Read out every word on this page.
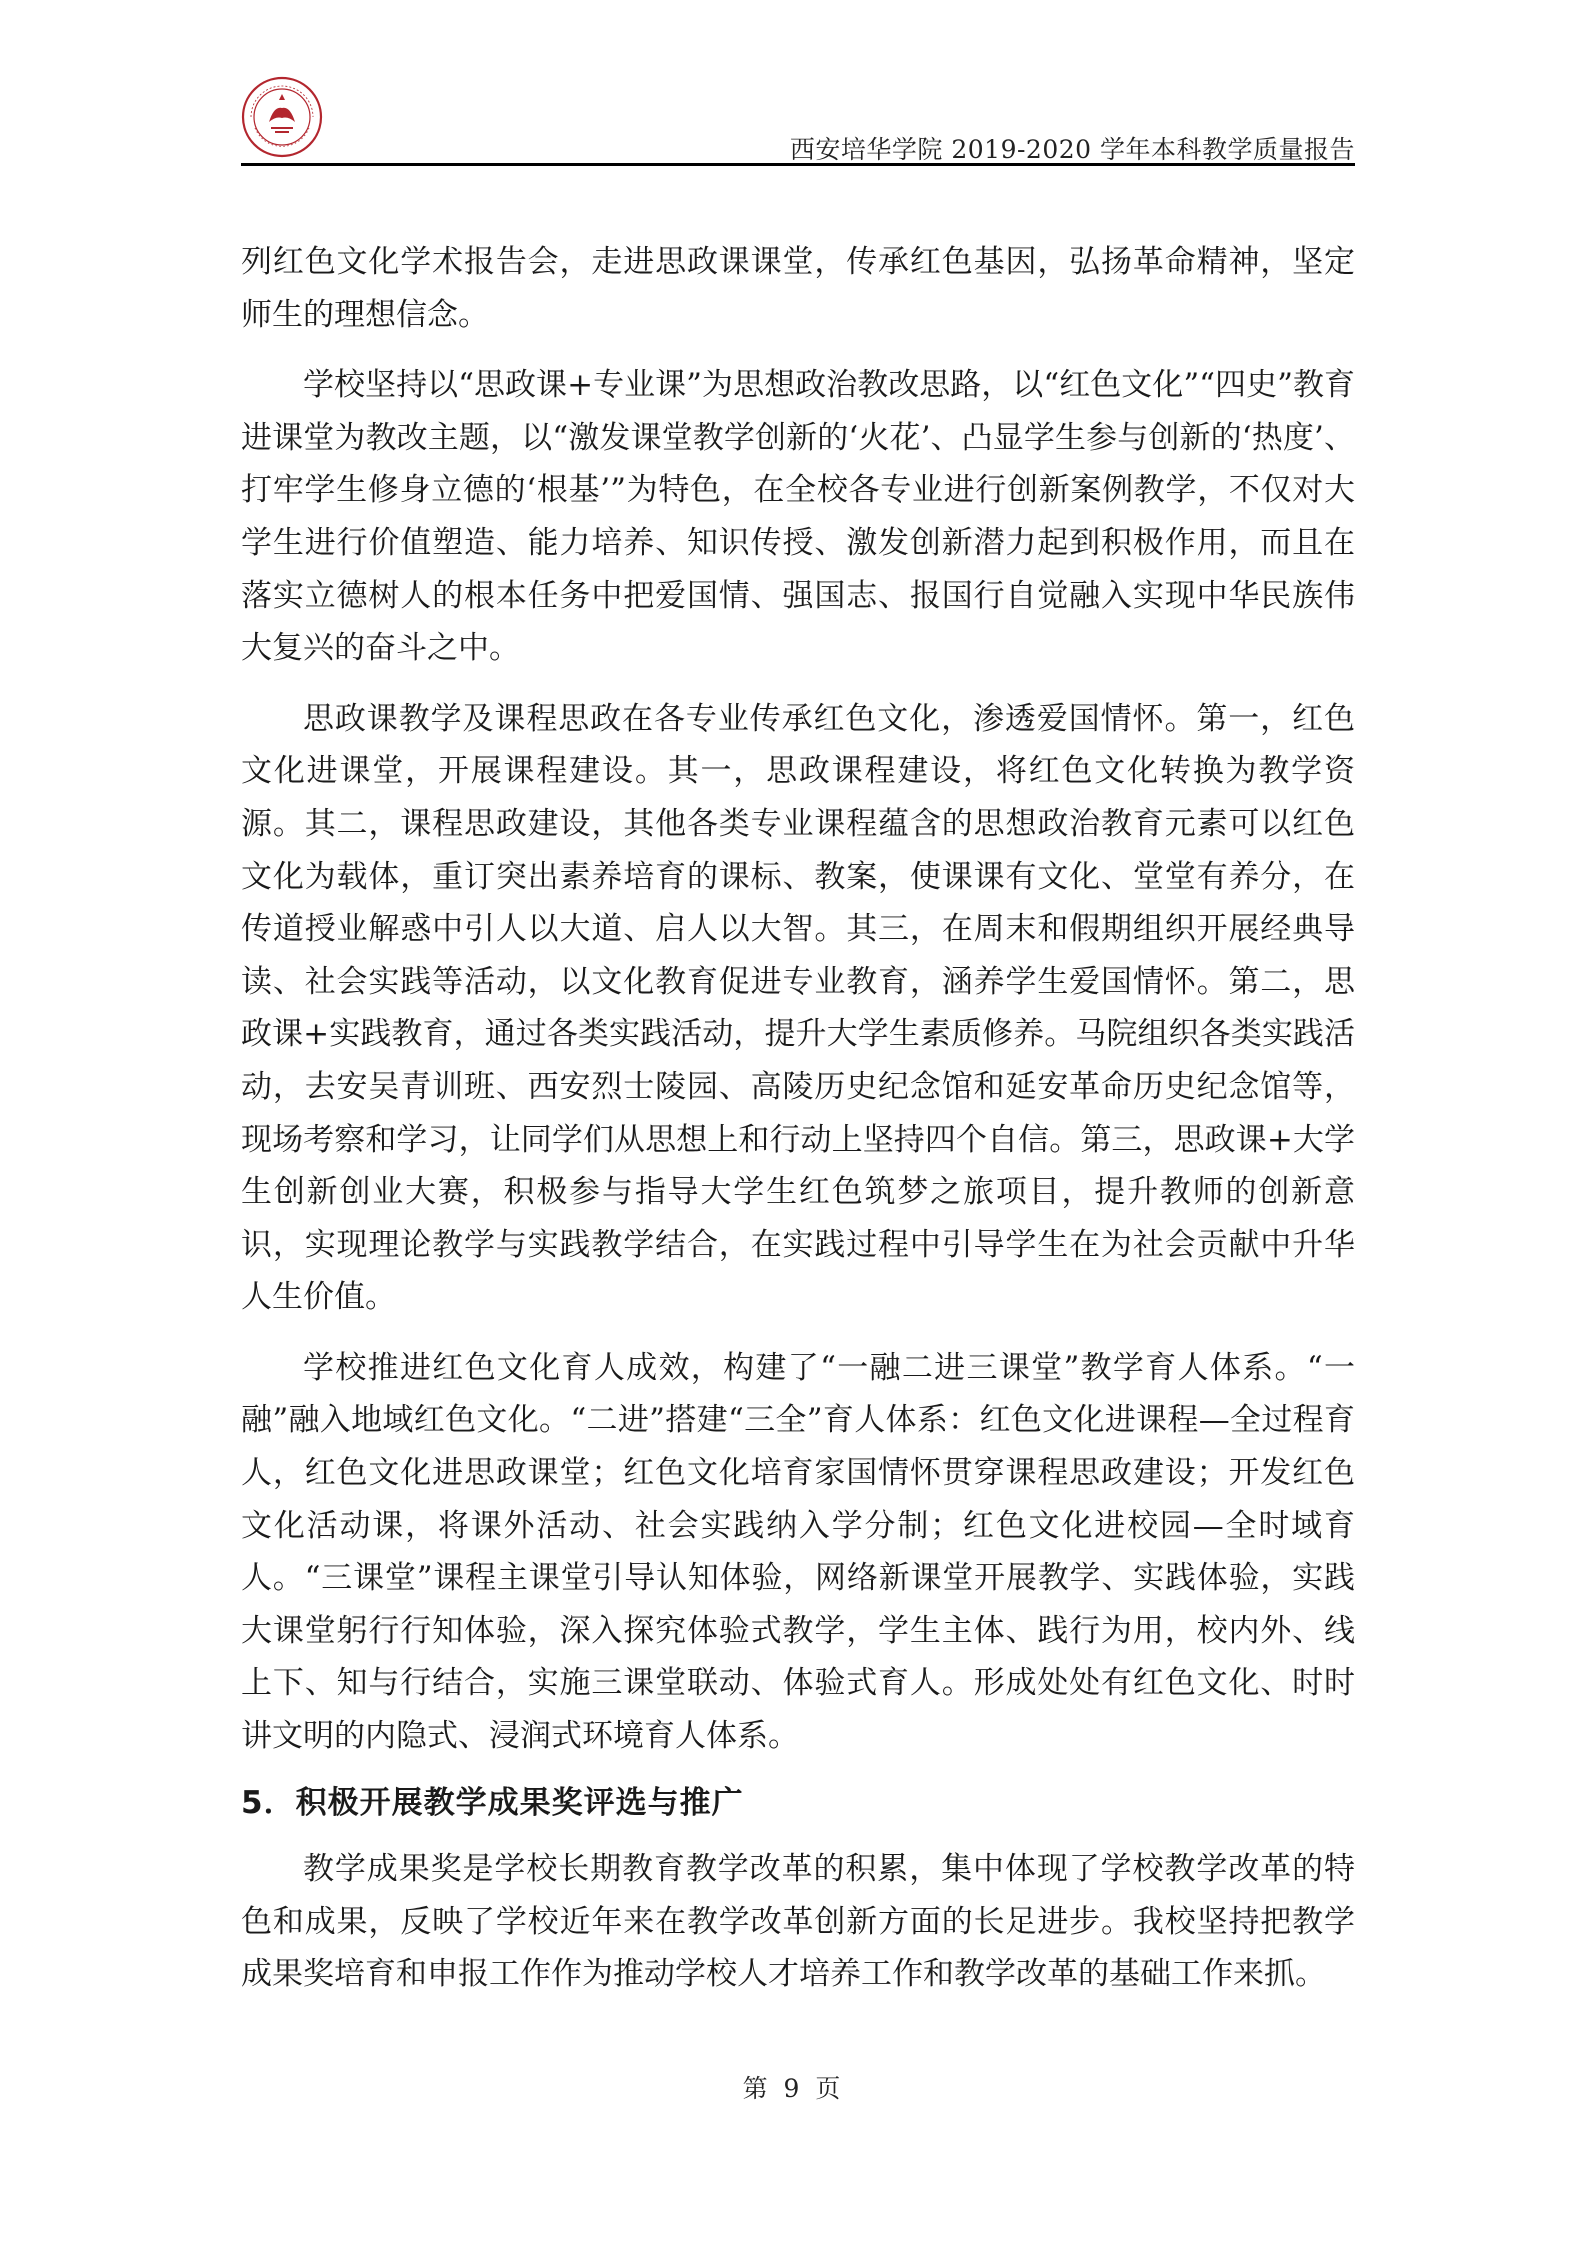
西安培华学院 2019-2020 学年本科教学质量报告

列红色文化学术报告会，走进思政课课堂，传承红色基因，弘扬革命精神，坚定师生的理想信念。

学校坚持以“思政课+专业课”为思想政治教改思路，以“红色文化”“四史”教育进课堂为教改主题，以“激发课堂教学创新的‘火花’、凸显学生参与创新的‘热度’、打牢学生修身立德的‘根基’”为特色，在全校各专业进行创新案例教学，不仅对大学生进行价值塑造、能力培养、知识传授、激发创新潜力起到积极作用，而且在落实立德树人的根本任务中把爱国情、强国志、报国行自觉融入实现中华民族伟大复兴的奋斗之中。

思政课教学及课程思政在各专业传承红色文化，渗透爱国情怀。第一，红色文化进课堂，开展课程建设。其一，思政课程建设，将红色文化转换为教学资源。其二，课程思政建设，其他各类专业课程蕴含的思想政治教育元素可以红色文化为载体，重订突出素养培育的课标、教案，使课课有文化、堂堂有养分，在传道授业解惑中引人以大道、启人以大智。其三，在周末和假期组织开展经典导读、社会实践等活动，以文化教育促进专业教育，涵养学生爱国情怀。第二，思政课+实践教育，通过各类实践活动，提升大学生素质修养。马院组织各类实践活动，去安吴青训班、西安烈士陵园、高陵历史纪念馆和延安革命历史纪念馆等，现场考察和学习，让同学们从思想上和行动上坚持四个自信。第三，思政课+大学生创新创业大赛，积极参与指导大学生红色筑梦之旅项目，提升教师的创新意识，实现理论教学与实践教学结合，在实践过程中引导学生在为社会贡献中升华人生价值。

学校推进红色文化育人成效，构建了“一融二进三课堂”教学育人体系。“一融”融入地域红色文化。“二进”搭建“三全”育人体系：红色文化进课程—全过程育人，红色文化进思政课堂；红色文化培育家国情怀贯穿课程思政建设；开发红色文化活动课，将课外活动、社会实践纳入学分制；红色文化进校园—全时域育人。“三课堂”课程主课堂引导认知体验，网络新课堂开展教学、实践体验，实践大课堂躬行行知体验，深入探究体验式教学，学生主体、践行为用，校内外、线上下、知与行结合，实施三课堂联动、体验式育人。形成处处有红色文化、时时讲文明的内隐式、浸润式环境育人体系。

5．积极开展教学成果奖评选与推广

教学成果奖是学校长期教育教学改革的积累，集中体现了学校教学改革的特色和成果，反映了学校近年来在教学改革创新方面的长足进步。我校坚持把教学成果奖培育和申报工作作为推动学校人才培养工作和教学改革的基础工作来抓。

第 9 页
